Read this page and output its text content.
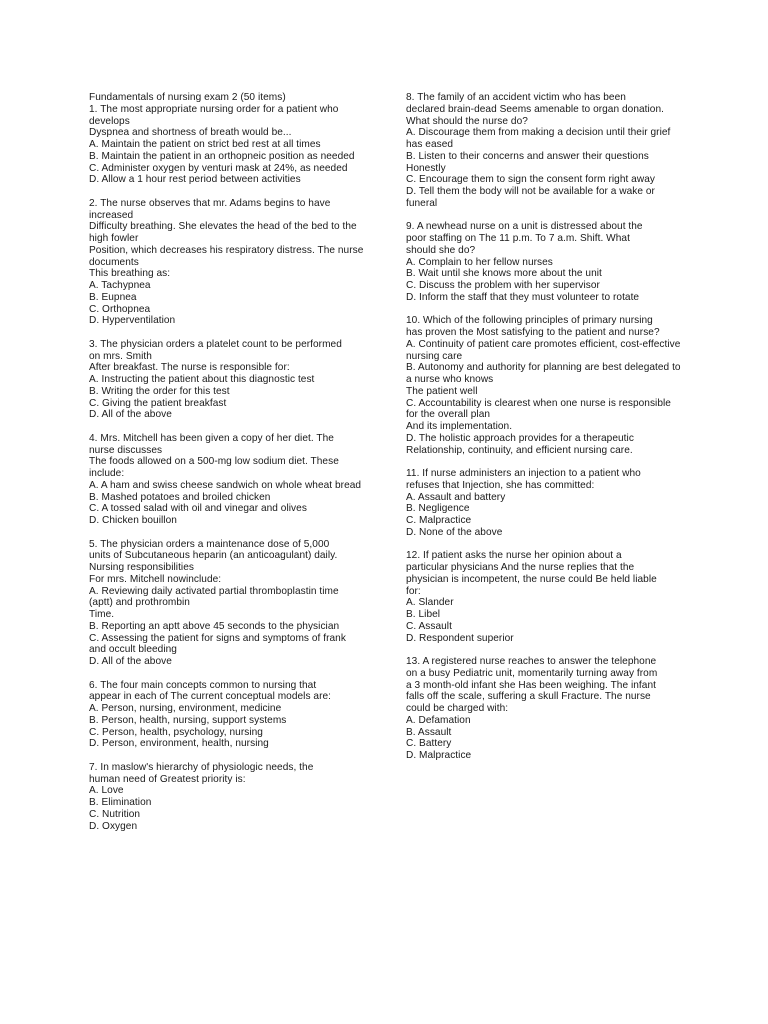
Fundamentals of nursing exam 2 (50 items)
1. The most appropriate nursing order for a patient who
develops
Dyspnea and shortness of breath would be...
A. Maintain the patient on strict bed rest at all times
B. Maintain the patient in an orthopneic position as needed
C. Administer oxygen by venturi mask at 24%, as needed
D. Allow a 1 hour rest period between activities
2. The nurse observes that mr. Adams begins to have
increased
Difficulty breathing. She elevates the head of the bed to the
high fowler
Position, which decreases his respiratory distress. The nurse
documents
This breathing as:
A. Tachypnea
B. Eupnea
C. Orthopnea
D. Hyperventilation
3. The physician orders a platelet count to be performed
on mrs. Smith
After breakfast. The nurse is responsible for:
A. Instructing the patient about this diagnostic test
B. Writing the order for this test
C. Giving the patient breakfast
D. All of the above
4. Mrs. Mitchell has been given a copy of her diet. The
nurse discusses
The foods allowed on a 500-mg low sodium diet. These
include:
A. A ham and swiss cheese sandwich on whole wheat bread
B. Mashed potatoes and broiled chicken
C. A tossed salad with oil and vinegar and olives
D. Chicken bouillon
5. The physician orders a maintenance dose of 5,000
units of Subcutaneous heparin (an anticoagulant) daily.
Nursing responsibilities
For mrs. Mitchell nowinclude:
A. Reviewing daily activated partial thromboplastin time
(aptt) and prothrombin
Time.
B. Reporting an aptt above 45 seconds to the physician
C. Assessing the patient for signs and symptoms of frank
and occult bleeding
D. All of the above
6. The four main concepts common to nursing that
appear in each of The current conceptual models are:
A. Person, nursing, environment, medicine
B. Person, health, nursing, support systems
C. Person, health, psychology, nursing
D. Person, environment, health, nursing
7. In maslow's hierarchy of physiologic needs, the
human need of Greatest priority is:
A. Love
B. Elimination
C. Nutrition
D. Oxygen
8. The family of an accident victim who has been
declared brain-dead Seems amenable to organ donation.
What should the nurse do?
A. Discourage them from making a decision until their grief
has eased
B. Listen to their concerns and answer their questions
Honestly
C. Encourage them to sign the consent form right away
D. Tell them the body will not be available for a wake or
funeral
9. A newhead nurse on a unit is distressed about the
poor staffing on The 11 p.m. To 7 a.m. Shift. What
should she do?
A. Complain to her fellow nurses
B. Wait until she knows more about the unit
C. Discuss the problem with her supervisor
D. Inform the staff that they must volunteer to rotate
10. Which of the following principles of primary nursing
has proven the Most satisfying to the patient and nurse?
A. Continuity of patient care promotes efficient, cost-effective
nursing care
B. Autonomy and authority for planning are best delegated to
a nurse who knows
The patient well
C. Accountability is clearest when one nurse is responsible
for the overall plan
And its implementation.
D. The holistic approach provides for a therapeutic
Relationship, continuity, and efficient nursing care.
11. If nurse administers an injection to a patient who
refuses that Injection, she has committed:
A. Assault and battery
B. Negligence
C. Malpractice
D. None of the above
12. If patient asks the nurse her opinion about a
particular physicians And the nurse replies that the
physician is incompetent, the nurse could Be held liable
for:
A. Slander
B. Libel
C. Assault
D. Respondent superior
13. A registered nurse reaches to answer the telephone
on a busy Pediatric unit, momentarily turning away from
a 3 month-old infant she Has been weighing. The infant
falls off the scale, suffering a skull Fracture. The nurse
could be charged with:
A. Defamation
B. Assault
C. Battery
D. Malpractice
